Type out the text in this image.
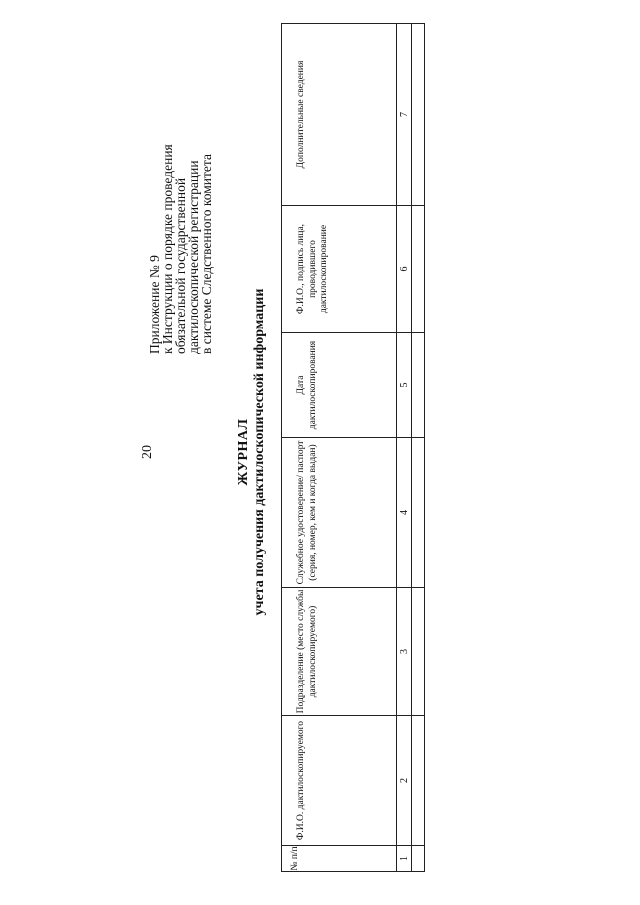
20
Приложение № 9
к Инструкции о порядке проведения
обязательной государственной
дактилоскопической регистрации
в системе Следственного комитета
ЖУРНАЛ учета получения дактилоскопической информации
№ п/п	Ф.И.О. дактилоскопируемого	Подразделение (место службы дактилоскопируемого)	Служебное удостоверение/ паспорт (серия, номер, кем и когда выдан)	Дата дактилоскопирования	Ф.И.О., подпись лица, проводившего дактилоскопирование	Дополнительные сведения
1	2	3	4	5	6	7
